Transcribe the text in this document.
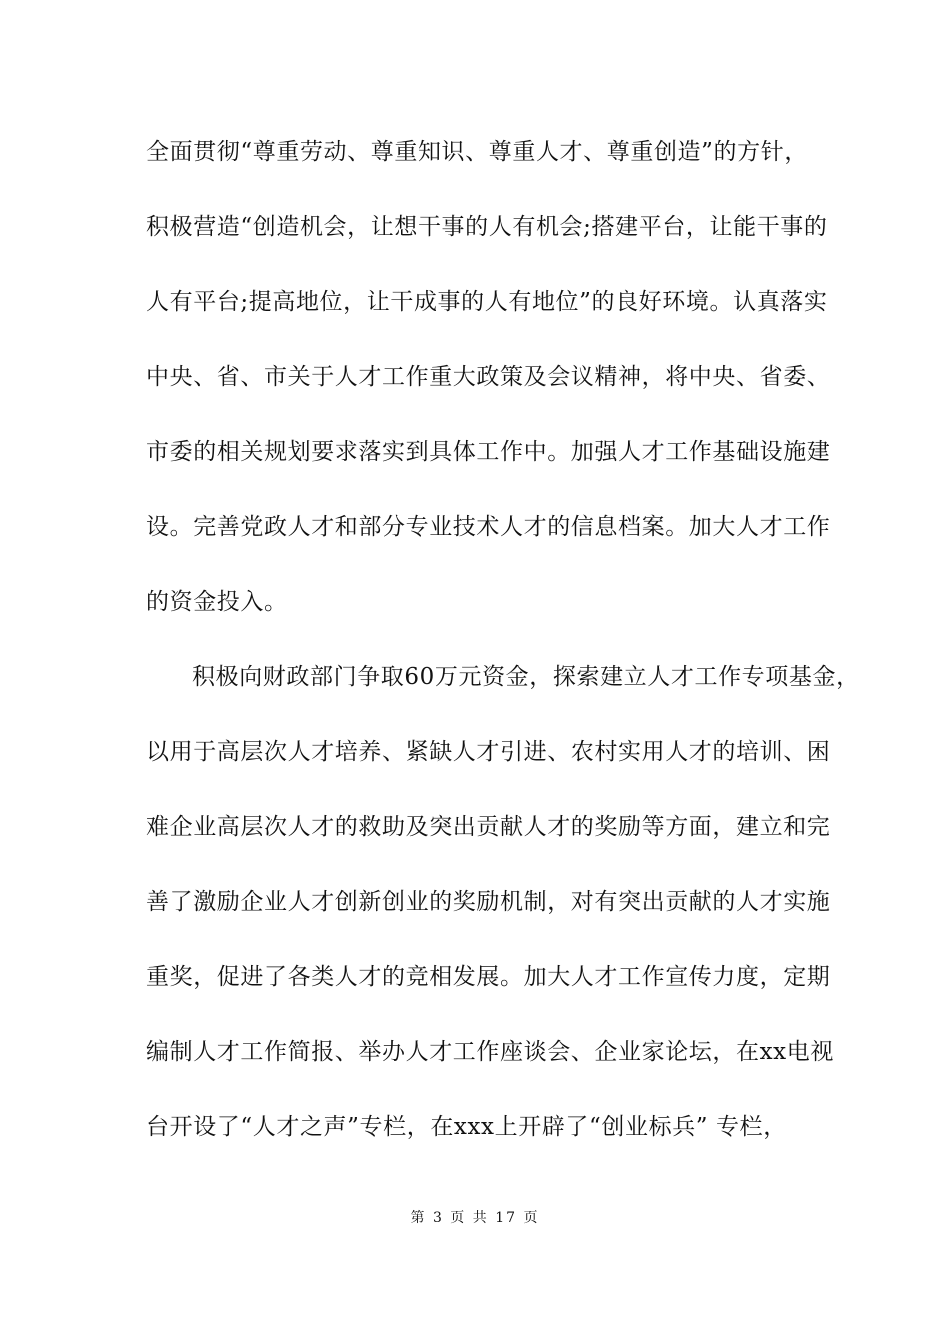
全面贯彻“尊重劳动、尊重知识、尊重人才、尊重创造”的方针，
积极营造“创造机会，让想干事的人有机会;搭建平台，让能干事的
人有平台;提高地位，让干成事的人有地位”的良好环境。认真落实
中央、省、市关于人才工作重大政策及会议精神，将中央、省委、
市委的相关规划要求落实到具体工作中。加强人才工作基础设施建
设。完善党政人才和部分专业技术人才的信息档案。加大人才工作
的资金投入。
积极向财政部门争取60万元资金，探索建立人才工作专项基金，
以用于高层次人才培养、紧缺人才引进、农村实用人才的培训、困
难企业高层次人才的救助及突出贡献人才的奖励等方面，建立和完
善了激励企业人才创新创业的奖励机制，对有突出贡献的人才实施
重奖，促进了各类人才的竞相发展。加大人才工作宣传力度，定期
编制人才工作简报、举办人才工作座谈会、企业家论坛，在xx电视
台开设了“人才之声”专栏，在xxx上开辟了“创业标兵” 专栏，
第 3 页 共 17 页
